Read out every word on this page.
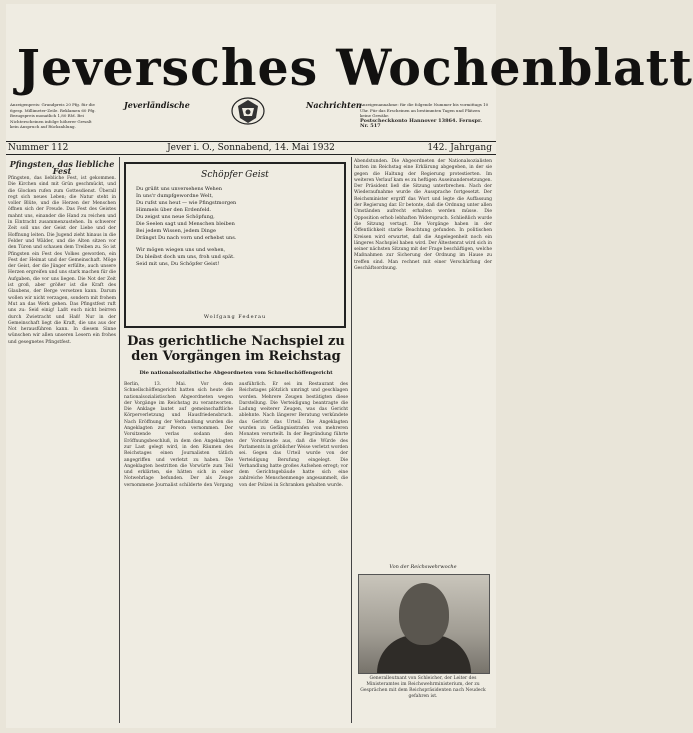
Anzeigenpreis: Grundpreis 20 Pfg. für die 6gesp. Millimeter-Zeile. Reklamen 60 Pfg. Bezugspreis monatlich 1,80 RM. Bei Nichterscheinen infolge höherer Gewalt kein Anspruch auf Rückzahlung.
Jeversches Wochenblatt
Jeverländische	Nachrichten
Anzeigenannahme: für die folgende Nummer bis vormittags 10 Uhr. Für das Erscheinen an bestimmten Tagen und Plätzen keine Gewähr.
Postscheckkonto Hannover 13864. Fernspr. Nr. 517
Nummer 112	Jever i. O., Sonnabend, 14. Mai 1932	142. Jahrgang
Pfingsten, das liebliche Fest
Pfingsten, das liebliche Fest, ist gekommen. Die Kirchen sind mit Grün geschmückt, und die Glocken rufen zum Gottesdienst. Überall regt sich neues Leben; die Natur steht in voller Blüte, und die Herzen der Menschen öffnen sich der Freude. Das Fest des Geistes mahnt uns, einander die Hand zu reichen und in Eintracht zusammenzustehen. In schwerer Zeit soll uns der Geist der Liebe und der Hoffnung leiten. Die Jugend zieht hinaus in die Felder und Wälder, und die Alten sitzen vor den Türen und schauen dem Treiben zu. So ist Pfingsten ein Fest des Volkes geworden, ein Fest der Heimat und der Gemeinschaft. Möge der Geist, der die Jünger erfüllte, auch unsere Herzen ergreifen und uns stark machen für die Aufgaben, die vor uns liegen. Die Not der Zeit ist groß, aber größer ist die Kraft des Glaubens, der Berge versetzen kann. Darum wollen wir nicht verzagen, sondern mit frohem Mut an das Werk gehen. Das Pfingstfest ruft uns zu: Seid einig! Laßt euch nicht beirren durch Zwietracht und Haß! Nur in der Gemeinschaft liegt die Kraft, die uns aus der Not herausführen kann. In diesem Sinne wünschen wir allen unseren Lesern ein frohes und gesegnetes Pfingstfest.
Schöpfer Geist
Du grüßt uns unversehens Wehen
In uns'r dumpfgewordne Welt,
Du rufst uns heut — wie Pfingstmorgen
Himmels über den Erdenfeld.
Du zeigst uns neue Schöpfung,
Die Seelen sagt und Menschen bleiben
Bei jedem Wissen, jedem Dinge
Drängst Du nach vorn und erhebst uns.
Wir mögen wiegen uns und wehen,
Du bleibst doch um uns, froh und spät.
Seid mit uns, Du Schöpfer Geist!
Wolfgang Federau
Das gerichtliche Nachspiel zu den Vorgängen im Reichstag
Die nationalsozialistische Abgeordneten vom Schnellschöffengericht
Berlin, 13. Mai. Vor dem Schnellschöffengericht hatten sich heute die nationalsozialistischen Abgeordneten wegen der Vorgänge im Reichstag zu verantworten. Die Anklage lautet auf gemeinschaftliche Körperverletzung und Hausfriedensbruch. Nach Eröffnung der Verhandlung wurden die Angeklagten zur Person vernommen. Der Vorsitzende verlas sodann den Eröffnungsbeschluß, in dem den Angeklagten zur Last gelegt wird, in den Räumen des Reichstages einen Journalisten tätlich angegriffen und verletzt zu haben. Die Angeklagten bestritten die Vorwürfe zum Teil und erklärten, sie hätten sich in einer Notwehrlage befunden. Der als Zeuge vernommene Journalist schilderte den Vorgang ausführlich. Er sei im Restaurant des Reichstages plötzlich umringt und geschlagen worden. Mehrere Zeugen bestätigten diese Darstellung. Die Verteidigung beantragte die Ladung weiterer Zeugen, was das Gericht ablehnte. Nach längerer Beratung verkündete das Gericht das Urteil. Die Angeklagten wurden zu Gefängnisstrafen von mehreren Monaten verurteilt. In der Begründung führte der Vorsitzende aus, daß die Würde des Parlaments in gröblicher Weise verletzt worden sei. Gegen das Urteil wurde von der Verteidigung Berufung eingelegt. Die Verhandlung hatte großes Aufsehen erregt; vor dem Gerichtsgebäude hatte sich eine zahlreiche Menschenmenge angesammelt, die von der Polizei in Schranken gehalten wurde.
Abendstunden. Die Abgeordneten der Nationalsozialisten hatten im Reichstag eine Erklärung abgegeben, in der sie gegen die Haltung der Regierung protestierten. Im weiteren Verlauf kam es zu heftigen Auseinandersetzungen. Der Präsident ließ die Sitzung unterbrechen. Nach der Wiederaufnahme wurde die Aussprache fortgesetzt. Der Reichsminister ergriff das Wort und legte die Auffassung der Regierung dar. Er betonte, daß die Ordnung unter allen Umständen aufrecht erhalten werden müsse. Die Opposition erhob lebhaften Widerspruch. Schließlich wurde die Sitzung vertagt. Die Vorgänge haben in der Öffentlichkeit starke Beachtung gefunden. In politischen Kreisen wird erwartet, daß die Angelegenheit noch ein längeres Nachspiel haben wird. Der Ältestenrat wird sich in seiner nächsten Sitzung mit der Frage beschäftigen, welche Maßnahmen zur Sicherung der Ordnung im Hause zu treffen sind. Man rechnet mit einer Verschärfung der Geschäftsordnung.
Von der Reichswehrwoche
Generalleutnant von Schleicher, der Leiter des Ministeramtes im Reichswehrministerium, der zu Gesprächen mit dem Reichspräsidenten nach Neudeck gefahren ist.
